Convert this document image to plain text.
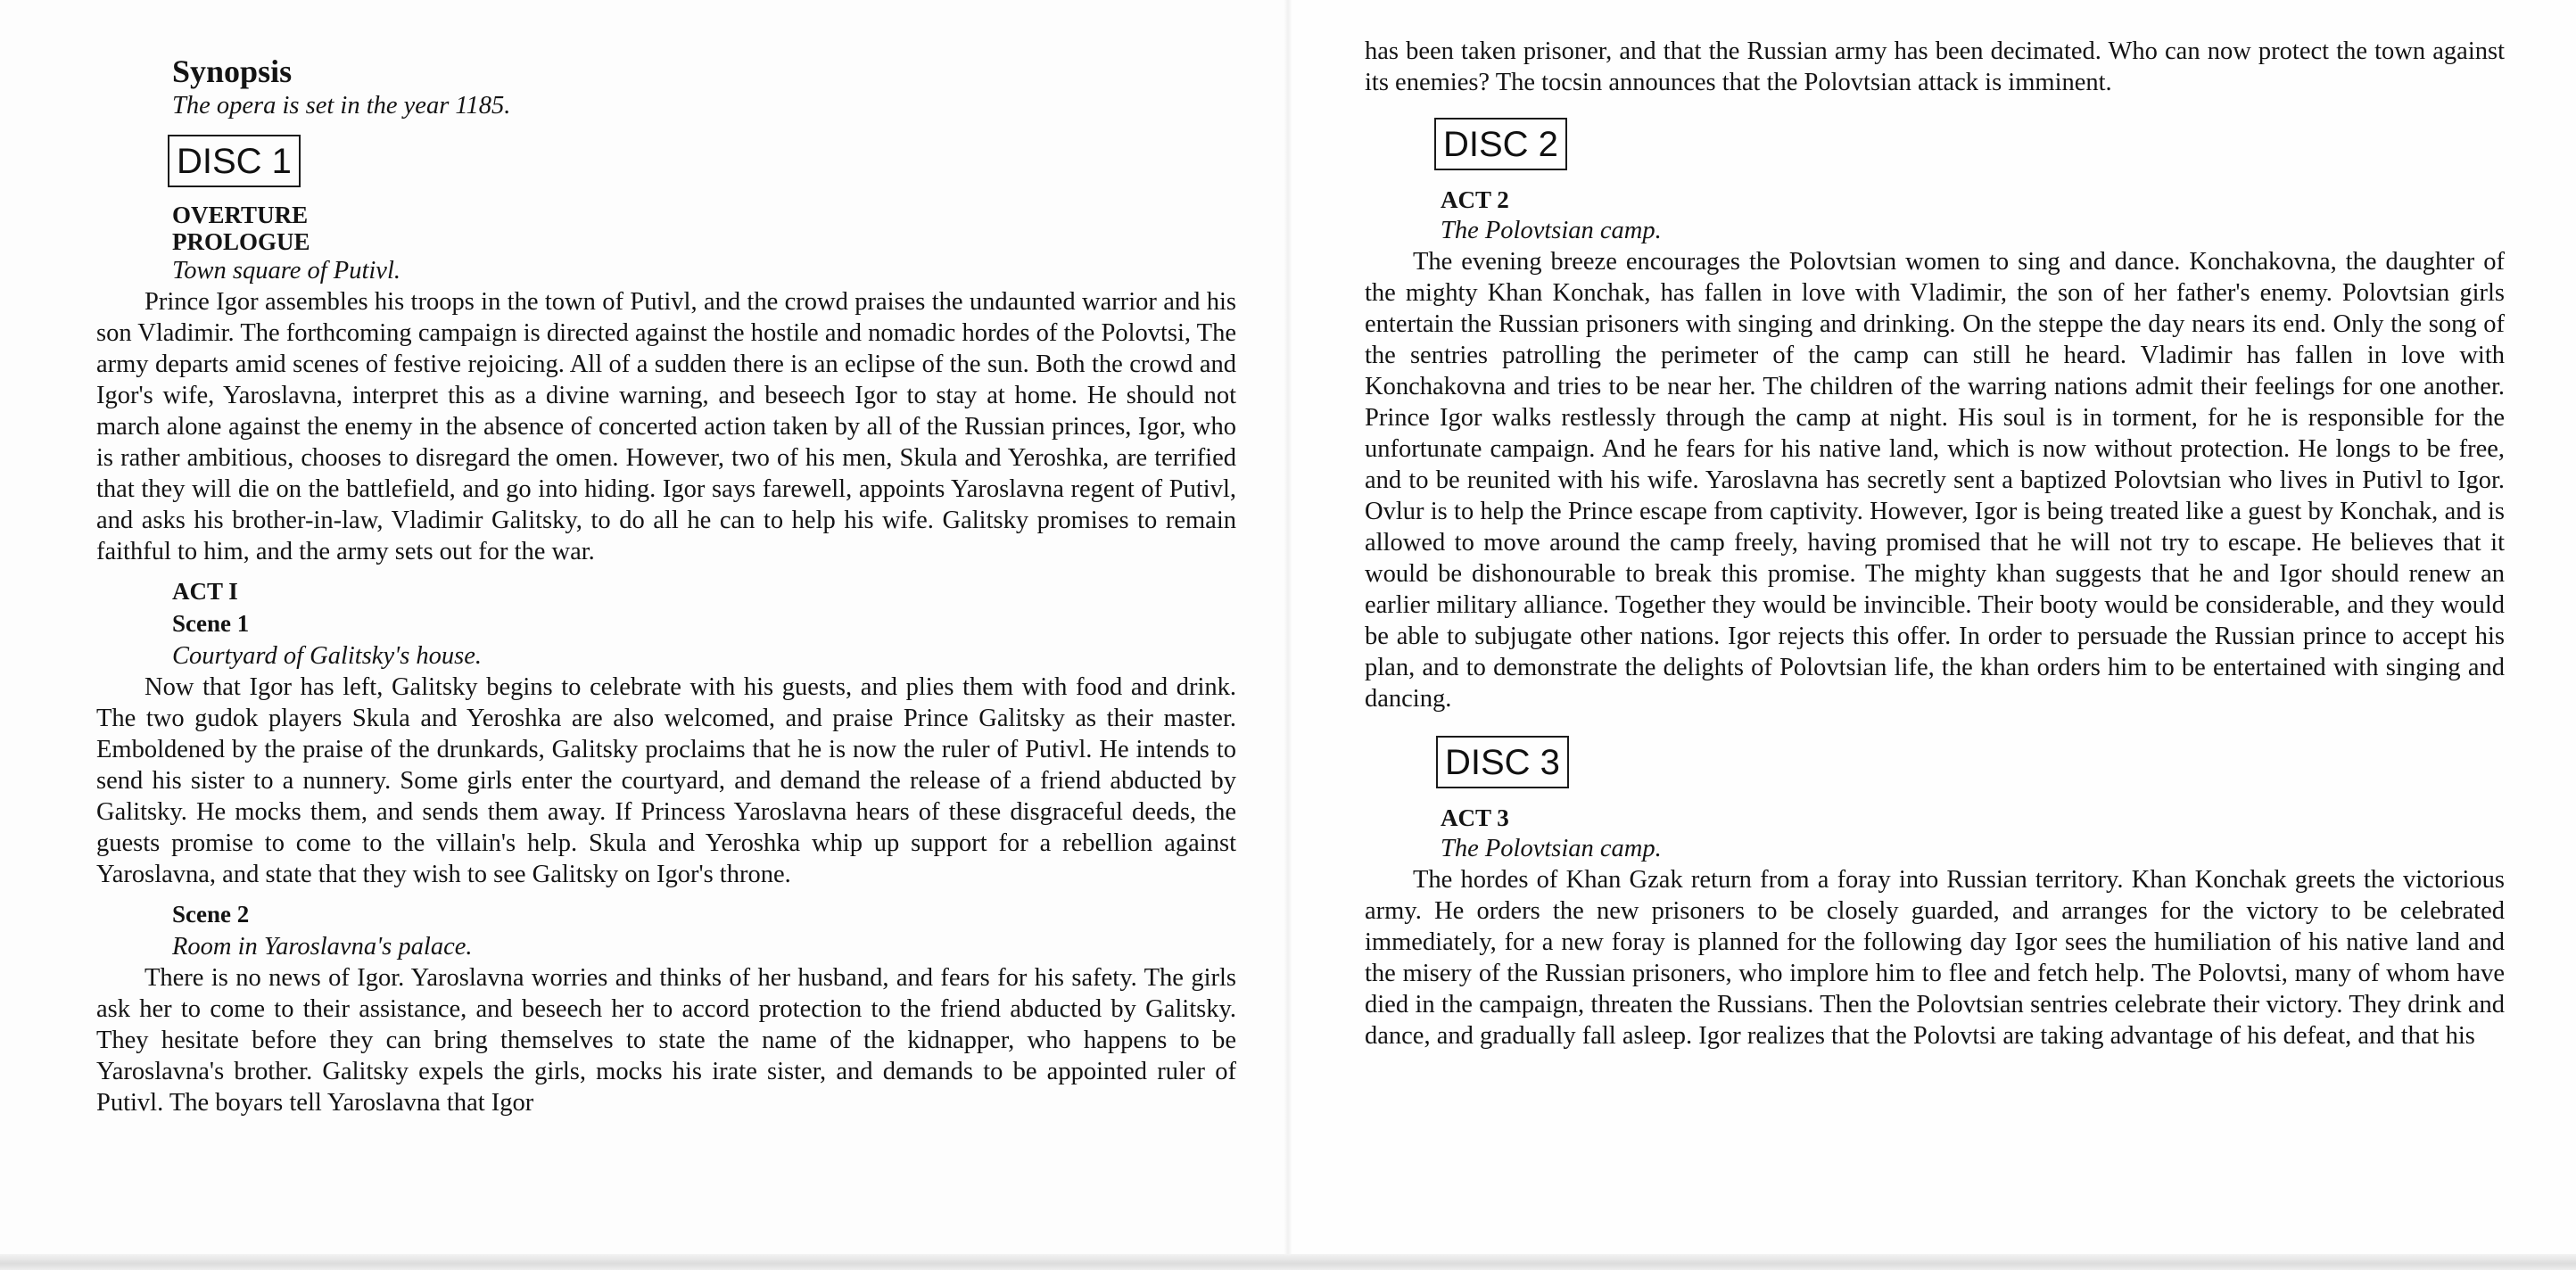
Synopsis
The opera is set in the year 1185.
DISC 1
OVERTURE
PROLOGUE
Town square of Putivl.

Prince Igor assembles his troops in the town of Putivl, and the crowd praises the undaunted warrior and his son Vladimir. The forthcoming campaign is directed against the hostile and nomadic hordes of the Polovtsi, The army departs amid scenes of festive rejoicing. All of a sudden there is an eclipse of the sun. Both the crowd and Igor's wife, Yaroslavna, interpret this as a divine warning, and beseech Igor to stay at home. He should not march alone against the enemy in the absence of concerted action taken by all of the Russian princes, Igor, who is rather ambitious, chooses to disregard the omen. However, two of his men, Skula and Yeroshka, are terrified that they will die on the battlefield, and go into hiding. Igor says farewell, appoints Yaroslavna regent of Putivl, and asks his brother-in-law, Vladimir Galitsky, to do all he can to help his wife. Galitsky promises to remain faithful to him, and the army sets out for the war.

ACT I
Scene 1
Courtyard of Galitsky's house.

Now that Igor has left, Galitsky begins to celebrate with his guests, and plies them with food and drink. The two gudok players Skula and Yeroshka are also welcomed, and praise Prince Galitsky as their master. Emboldened by the praise of the drunkards, Galitsky proclaims that he is now the ruler of Putivl. He intends to send his sister to a nunnery. Some girls enter the courtyard, and demand the release of a friend abducted by Galitsky. He mocks them, and sends them away. If Princess Yaroslavna hears of these disgraceful deeds, the guests promise to come to the villain's help. Skula and Yeroshka whip up support for a rebellion against Yaroslavna, and state that they wish to see Galitsky on Igor's throne.

Scene 2
Room in Yaroslavna's palace.

There is no news of Igor. Yaroslavna worries and thinks of her husband, and fears for his safety. The girls ask her to come to their assistance, and beseech her to accord protection to the friend abducted by Galitsky. They hesitate before they can bring themselves to state the name of the kidnapper, who happens to be Yaroslavna's brother. Galitsky expels the girls, mocks his irate sister, and demands to be appointed ruler of Putivl. The boyars tell Yaroslavna that Igor

has been taken prisoner, and that the Russian army has been decimated. Who can now protect the town against its enemies? The tocsin announces that the Polovtsian attack is imminent.

DISC 2
ACT 2
The Polovtsian camp.

The evening breeze encourages the Polovtsian women to sing and dance. Konchakovna, the daughter of the mighty Khan Konchak, has fallen in love with Vladimir, the son of her father's enemy. Polovtsian girls entertain the Russian prisoners with singing and drinking. On the steppe the day nears its end. Only the song of the sentries patrolling the perimeter of the camp can still he heard. Vladimir has fallen in love with Konchakovna and tries to be near her. The children of the warring nations admit their feelings for one another. Prince Igor walks restlessly through the camp at night. His soul is in torment, for he is responsible for the unfortunate campaign. And he fears for his native land, which is now without protection. He longs to be free, and to be reunited with his wife. Yaroslavna has secretly sent a baptized Polovtsian who lives in Putivl to Igor. Ovlur is to help the Prince escape from captivity. However, Igor is being treated like a guest by Konchak, and is allowed to move around the camp freely, having promised that he will not try to escape. He believes that it would be dishonourable to break this promise. The mighty khan suggests that he and Igor should renew an earlier military alliance. Together they would be invincible. Their booty would be considerable, and they would be able to subjugate other nations. Igor rejects this offer. In order to persuade the Russian prince to accept his plan, and to demonstrate the delights of Polovtsian life, the khan orders him to be entertained with singing and dancing.

DISC 3
ACT 3
The Polovtsian camp.

The hordes of Khan Gzak return from a foray into Russian territory. Khan Konchak greets the victorious army. He orders the new prisoners to be closely guarded, and arranges for the victory to be celebrated immediately, for a new foray is planned for the following day Igor sees the humiliation of his native land and the misery of the Russian prisoners, who implore him to flee and fetch help. The Polovtsi, many of whom have died in the campaign, threaten the Russians. Then the Polovtsian sentries celebrate their victory. They drink and dance, and gradually fall asleep. Igor realizes that the Polovtsi are taking advantage of his defeat, and that his
